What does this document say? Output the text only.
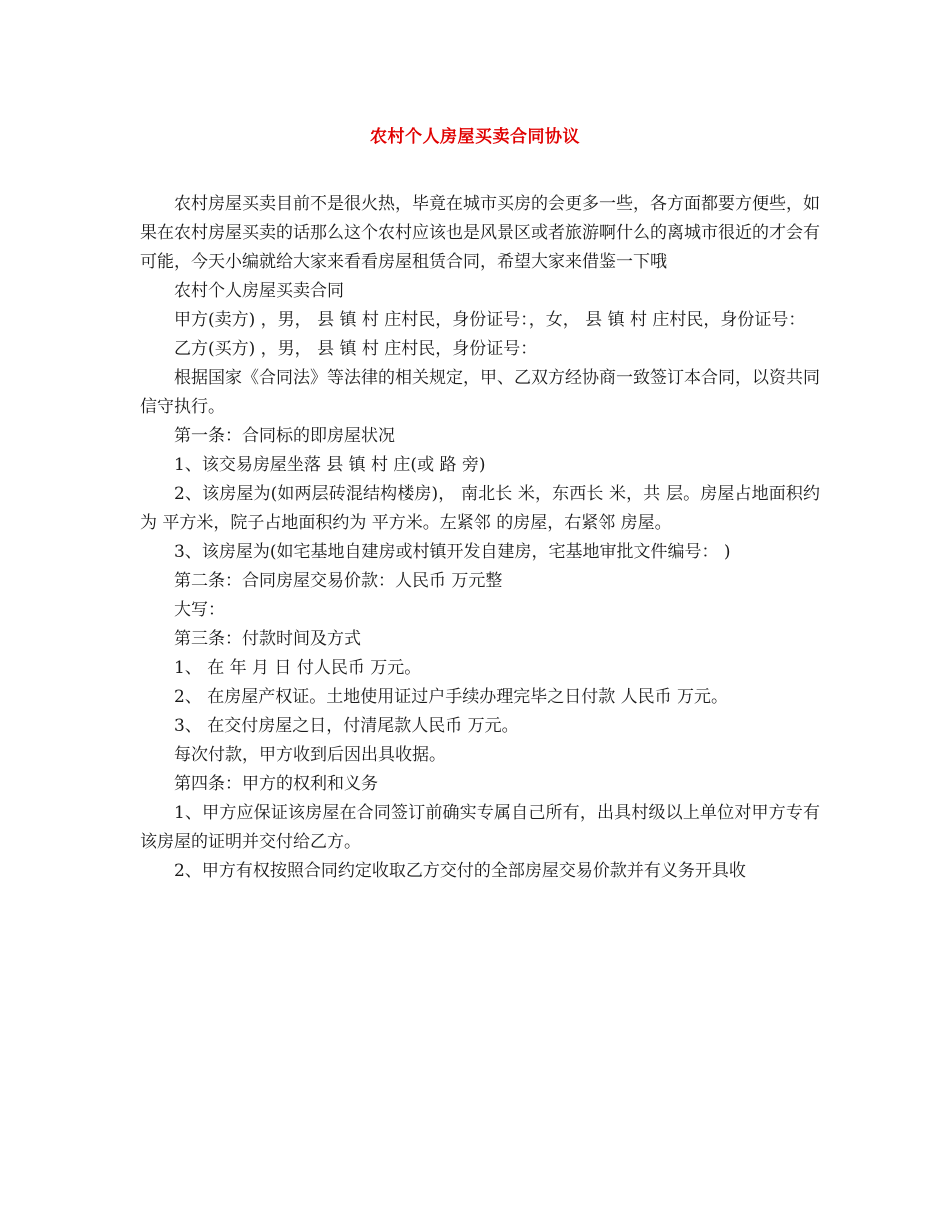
农村个人房屋买卖合同协议

农村房屋买卖目前不是很火热，毕竟在城市买房的会更多一些，各方面都要方便些，如果在农村房屋买卖的话那么这个农村应该也是风景区或者旅游啊什么的离城市很近的才会有可能，今天小编就给大家来看看房屋租赁合同，希望大家来借鉴一下哦

农村个人房屋买卖合同

甲方(卖方) ，男， 县 镇 村 庄村民，身份证号：，女， 县 镇 村 庄村民，身份证号：

乙方(买方) ，男， 县 镇 村 庄村民，身份证号：

根据国家《合同法》等法律的相关规定，甲、乙双方经协商一致签订本合同，以资共同信守执行。

第一条：合同标的即房屋状况

1、该交易房屋坐落 县 镇 村 庄(或 路 旁)

2、该房屋为(如两层砖混结构楼房)， 南北长 米，东西长 米，共 层。房屋占地面积约为 平方米，院子占地面积约为 平方米。左紧邻 的房屋，右紧邻 房屋。

3、该房屋为(如宅基地自建房或村镇开发自建房，宅基地审批文件编号： )

第二条：合同房屋交易价款：人民币 万元整

大写：

第三条：付款时间及方式

1、 在 年 月 日 付人民币 万元。

2、 在房屋产权证。土地使用证过户手续办理完毕之日付款 人民币 万元。

3、 在交付房屋之日，付清尾款人民币 万元。

每次付款，甲方收到后因出具收据。

第四条：甲方的权利和义务

1、甲方应保证该房屋在合同签订前确实专属自己所有，出具村级以上单位对甲方专有该房屋的证明并交付给乙方。

2、甲方有权按照合同约定收取乙方交付的全部房屋交易价款并有义务开具收
